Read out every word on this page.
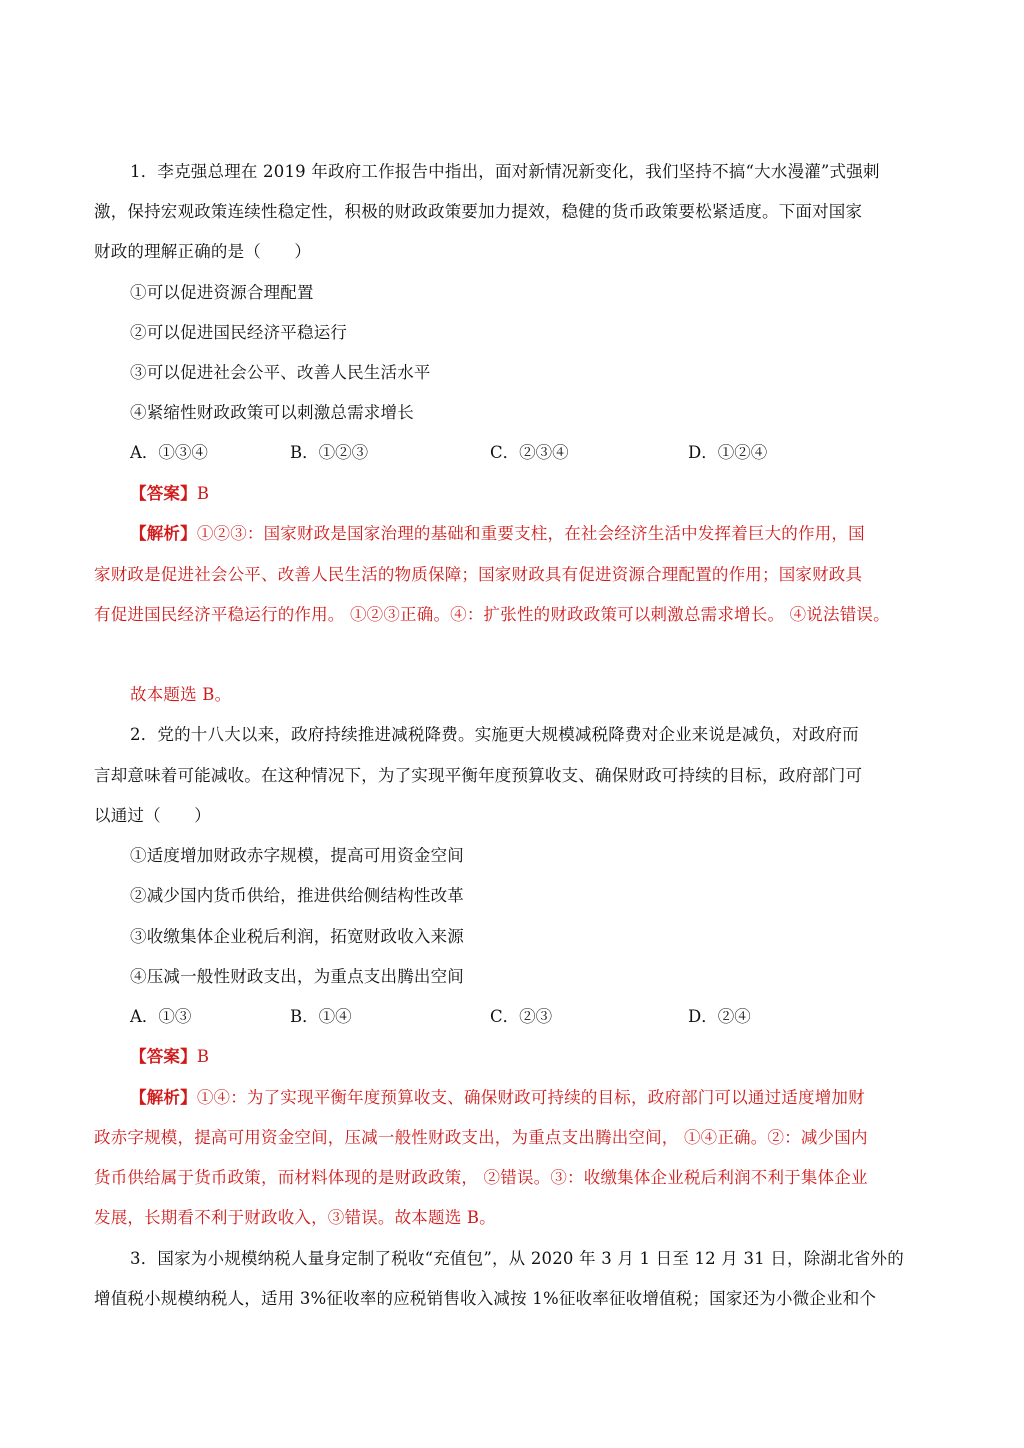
1．李克强总理在 2019 年政府工作报告中指出，面对新情况新变化，我们坚持不搞“大水漫灌”式强刺
激，保持宏观政策连续性稳定性，积极的财政政策要加力提效，稳健的货币政策要松紧适度。下面对国家
财政的理解正确的是（　　）
①可以促进资源合理配置
②可以促进国民经济平稳运行
③可以促进社会公平、改善人民生活水平
④紧缩性财政政策可以刺激总需求增长
A．①③④	B．①②③	C．②③④	D．①②④
【答案】B
【解析】①②③：国家财政是国家治理的基础和重要支柱，在社会经济生活中发挥着巨大的作用，国
家财政是促进社会公平、改善人民生活的物质保障；国家财政具有促进资源合理配置的作用；国家财政具
有促进国民经济平稳运行的作用。 ①②③正确。④：扩张性的财政政策可以刺激总需求增长。 ④说法错误。
故本题选 B。
2．党的十八大以来，政府持续推进减税降费。实施更大规模减税降费对企业来说是减负，对政府而
言却意味着可能减收。在这种情况下，为了实现平衡年度预算收支、确保财政可持续的目标，政府部门可
以通过（　　）
①适度增加财政赤字规模，提高可用资金空间
②减少国内货币供给，推进供给侧结构性改革
③收缴集体企业税后利润，拓宽财政收入来源
④压减一般性财政支出，为重点支出腾出空间
A．①③	B．①④	C．②③	D．②④
【答案】B
【解析】①④：为了实现平衡年度预算收支、确保财政可持续的目标，政府部门可以通过适度增加财
政赤字规模，提高可用资金空间，压减一般性财政支出，为重点支出腾出空间， ①④正确。②：减少国内
货币供给属于货币政策，而材料体现的是财政政策， ②错误。③：收缴集体企业税后利润不利于集体企业
发展，长期看不利于财政收入，③错误。故本题选 B。
3．国家为小规模纳税人量身定制了税收“充值包”，从 2020 年 3 月 1 日至 12 月 31 日，除湖北省外的
增值税小规模纳税人，适用 3%征收率的应税销售收入减按 1%征收率征收增值税；国家还为小微企业和个
